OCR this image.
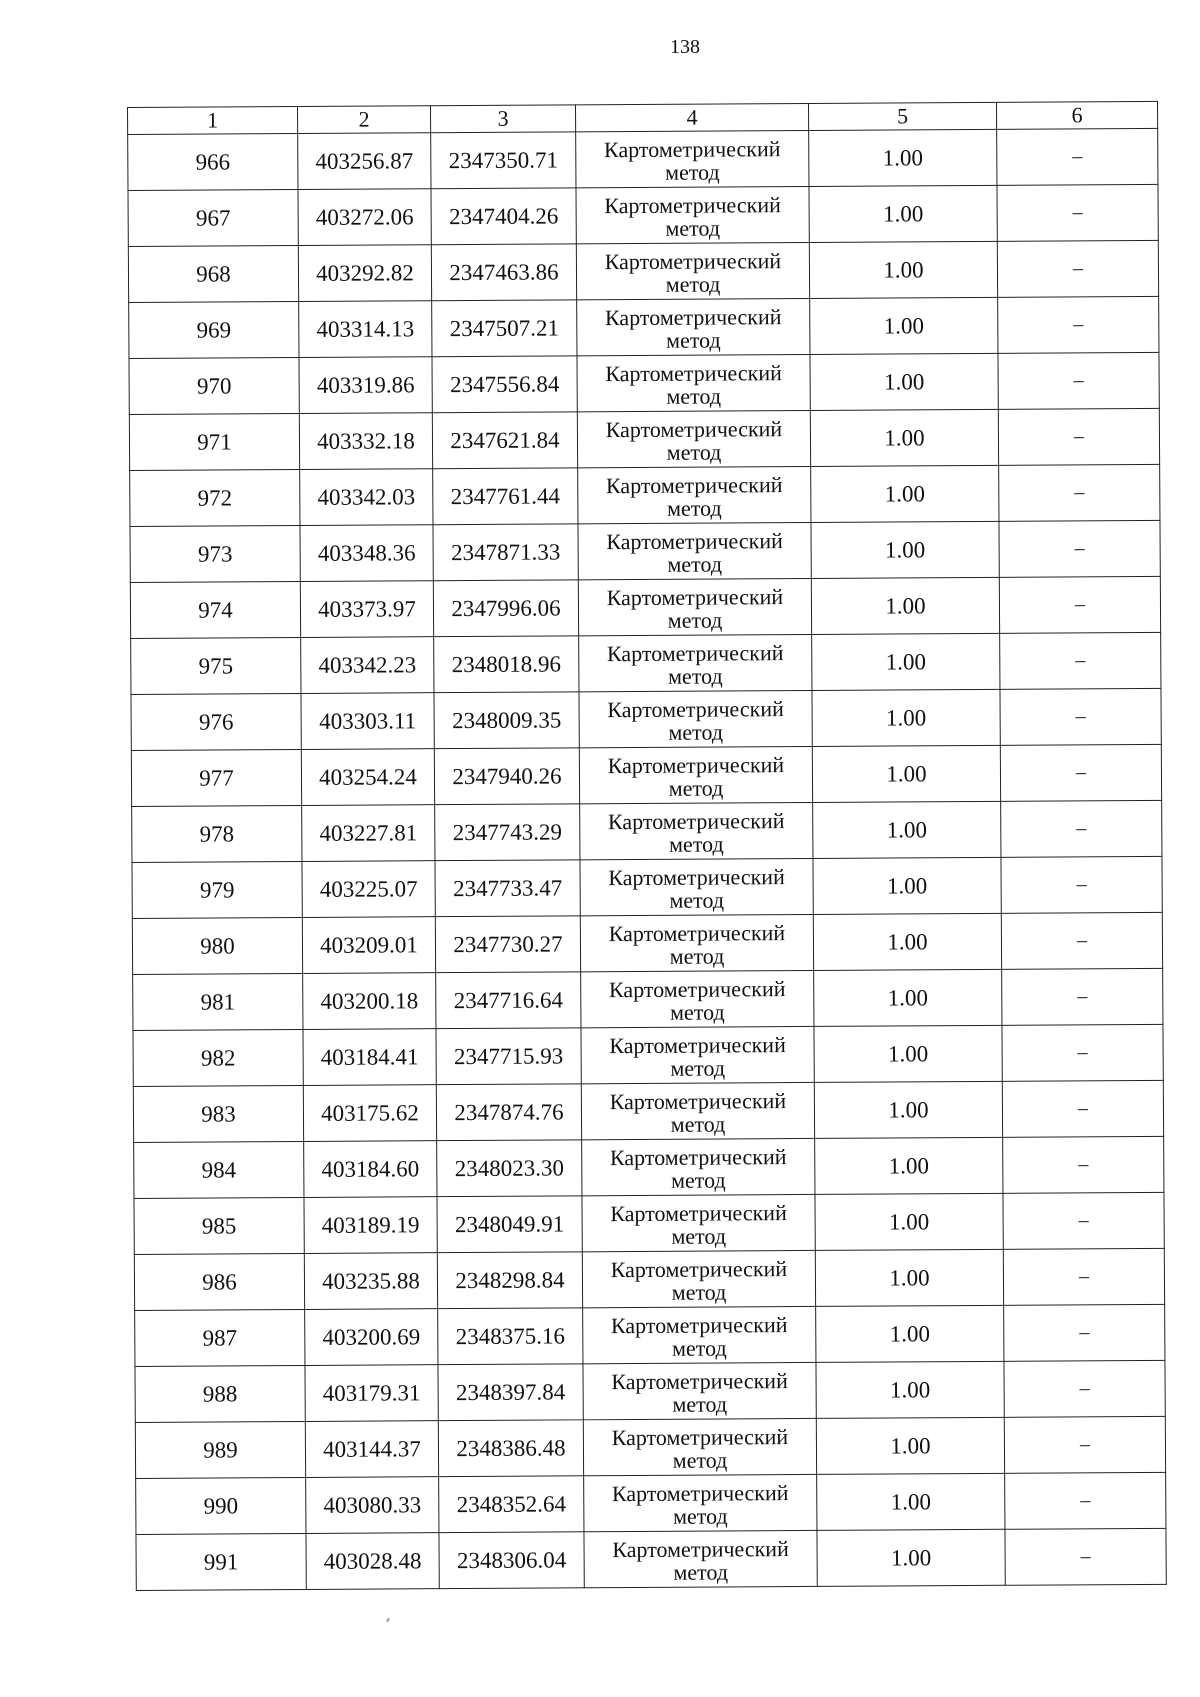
138
1	2	3	4	5	6
966	403256.87	2347350.71	Картометрический метод	1.00	–
967	403272.06	2347404.26	Картометрический метод	1.00	–
968	403292.82	2347463.86	Картометрический метод	1.00	–
969	403314.13	2347507.21	Картометрический метод	1.00	–
970	403319.86	2347556.84	Картометрический метод	1.00	–
971	403332.18	2347621.84	Картометрический метод	1.00	–
972	403342.03	2347761.44	Картометрический метод	1.00	–
973	403348.36	2347871.33	Картометрический метод	1.00	–
974	403373.97	2347996.06	Картометрический метод	1.00	–
975	403342.23	2348018.96	Картометрический метод	1.00	–
976	403303.11	2348009.35	Картометрический метод	1.00	–
977	403254.24	2347940.26	Картометрический метод	1.00	–
978	403227.81	2347743.29	Картометрический метод	1.00	–
979	403225.07	2347733.47	Картометрический метод	1.00	–
980	403209.01	2347730.27	Картометрический метод	1.00	–
981	403200.18	2347716.64	Картометрический метод	1.00	–
982	403184.41	2347715.93	Картометрический метод	1.00	–
983	403175.62	2347874.76	Картометрический метод	1.00	–
984	403184.60	2348023.30	Картометрический метод	1.00	–
985	403189.19	2348049.91	Картометрический метод	1.00	–
986	403235.88	2348298.84	Картометрический метод	1.00	–
987	403200.69	2348375.16	Картометрический метод	1.00	–
988	403179.31	2348397.84	Картометрический метод	1.00	–
989	403144.37	2348386.48	Картометрический метод	1.00	–
990	403080.33	2348352.64	Картометрический метод	1.00	–
991	403028.48	2348306.04	Картометрический метод	1.00	–
